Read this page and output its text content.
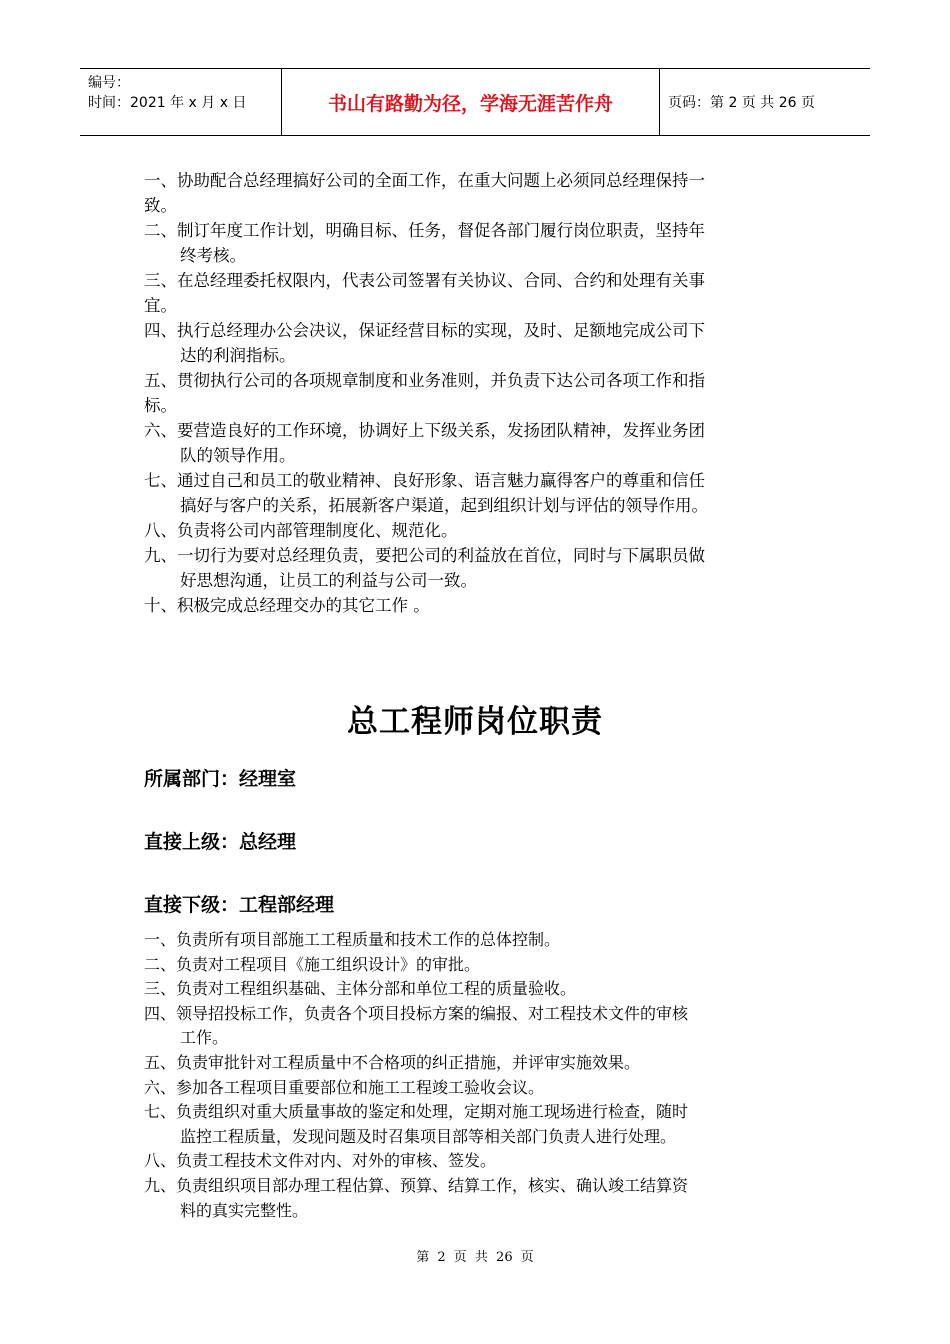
编号：
时间：2021 年 x 月 x 日	书山有路勤为径，学海无涯苦作舟	页码：第 2 页 共 26 页

一、协助配合总经理搞好公司的全面工作，在重大问题上必须同总经理保持一
致。

二、制订年度工作计划，明确目标、任务，督促各部门履行岗位职责，坚持年
终考核。

三、在总经理委托权限内，代表公司签署有关协议、合同、合约和处理有关事
宜。

四、执行总经理办公会决议，保证经营目标的实现，及时、足额地完成公司下
达的利润指标。

五、贯彻执行公司的各项规章制度和业务准则，并负责下达公司各项工作和指
标。

六、要营造良好的工作环境，协调好上下级关系，发扬团队精神，发挥业务团
队的领导作用。

七、通过自己和员工的敬业精神、良好形象、语言魅力赢得客户的尊重和信任
搞好与客户的关系，拓展新客户渠道，起到组织计划与评估的领导作用。

八、负责将公司内部管理制度化、规范化。

九、一切行为要对总经理负责，要把公司的利益放在首位，同时与下属职员做
好思想沟通，让员工的利益与公司一致。

十、积极完成总经理交办的其它工作 。

总工程师岗位职责
所属部门：经理室
直接上级：总经理
直接下级：工程部经理

一、负责所有项目部施工工程质量和技术工作的总体控制。

二、负责对工程项目《施工组织设计》的审批。

三、负责对工程组织基础、主体分部和单位工程的质量验收。

四、领导招投标工作，负责各个项目投标方案的编报、对工程技术文件的审核
工作。

五、负责审批针对工程质量中不合格项的纠正措施，并评审实施效果。

六、参加各工程项目重要部位和施工工程竣工验收会议。

七、负责组织对重大质量事故的鉴定和处理，定期对施工现场进行检查，随时
监控工程质量，发现问题及时召集项目部等相关部门负责人进行处理。

八、负责工程技术文件对内、对外的审核、签发。

九、负责组织项目部办理工程估算、预算、结算工作，核实、确认竣工结算资
料的真实完整性。

第 2 页 共 26 页
